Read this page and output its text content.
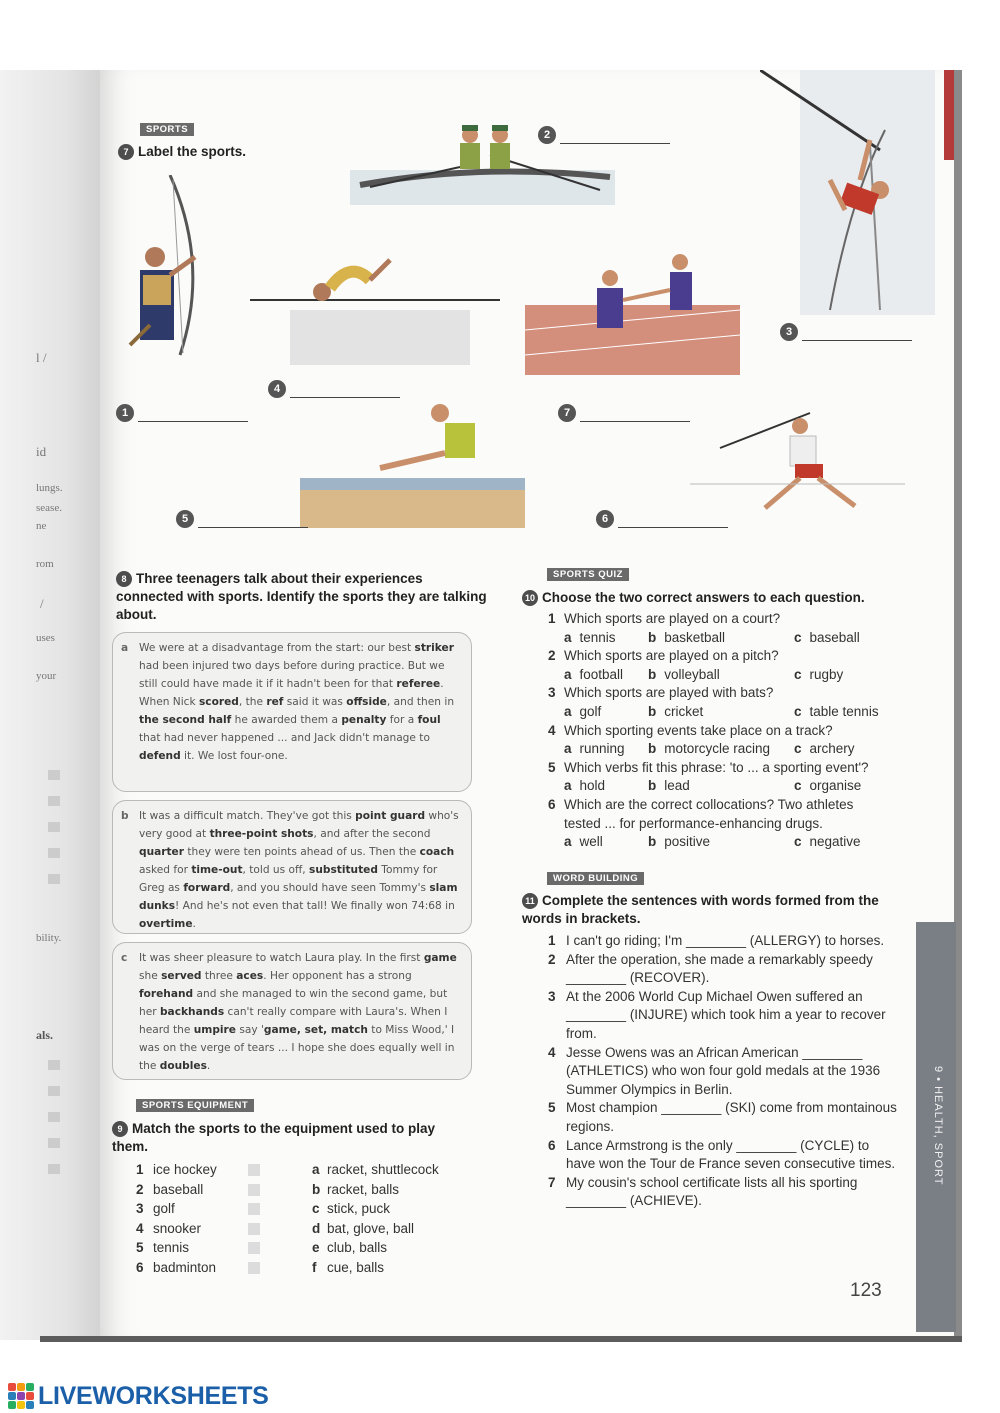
9 • HEALTH, SPORT
l /
id
lungs.
sease.
ne
rom
/
uses
your
bility.
als.
SPORTS
7 Label the sports.
1
2
3
4
5	6
7
8 Three teenagers talk about their experiences connected with sports. Identify the sports they are talking about.
a We were at a disadvantage from the start: our best striker had been injured two days before during practice. But we still could have made it if it hadn't been for that referee. When Nick scored, the ref said it was offside, and then in the second half he awarded them a penalty for a foul that had never happened ... and Jack didn't manage to defend it. We lost four-one.
b It was a difficult match. They've got this point guard who's very good at three-point shots, and after the second quarter they were ten points ahead of us. Then the coach asked for time-out, told us off, substituted Tommy for Greg as forward, and you should have seen Tommy's slam dunks! And he's not even that tall! We finally won 74:68 in overtime.
c It was sheer pleasure to watch Laura play. In the first game she served three aces. Her opponent has a strong forehand and she managed to win the second game, but her backhands can't really compare with Laura's. When I heard the umpire say 'game, set, match to Miss Wood,' I was on the verge of tears ... I hope she does equally well in the doubles.
SPORTS EQUIPMENT
9 Match the sports to the equipment used to play them.
1 ice hockey	a racket, shuttlecock
2 baseball	b racket, balls
3 golf	c stick, puck
4 snooker	d bat, glove, ball
5 tennis	e club, balls
6 badminton	f cue, balls
SPORTS QUIZ
10 Choose the two correct answers to each question.
1 Which sports are played on a court?
a tennis b basketball	c baseball
2 Which sports are played on a pitch?
a football b volleyball	c rugby
3 Which sports are played with bats?
a golf	b cricket	c table tennis
4 Which sporting events take place on a track?
a running b motorcycle racing c archery
5 Which verbs fit this phrase: 'to ... a sporting event'?
a hold	b lead	c organise
6 Which are the correct collocations? Two athletes
tested ... for performance-enhancing drugs.
a well	b positive	c negative
WORD BUILDING
11 Complete the sentences with words formed from the words in brackets.
1 I can't go riding; I'm ________ (ALLERGY) to horses.
2 After the operation, she made a remarkably speedy ________ (RECOVER).
3 At the 2006 World Cup Michael Owen suffered an ________ (INJURE) which took him a year to recover from.
4 Jesse Owens was an African American ________ (ATHLETICS) who won four gold medals at the 1936 Summer Olympics in Berlin.
5 Most champion ________ (SKI) come from montainous regions.
6 Lance Armstrong is the only ________ (CYCLE) to have won the Tour de France seven consecutive times.
7 My cousin's school certificate lists all his sporting ________ (ACHIEVE).
123
LIVEWORKSHEETS
